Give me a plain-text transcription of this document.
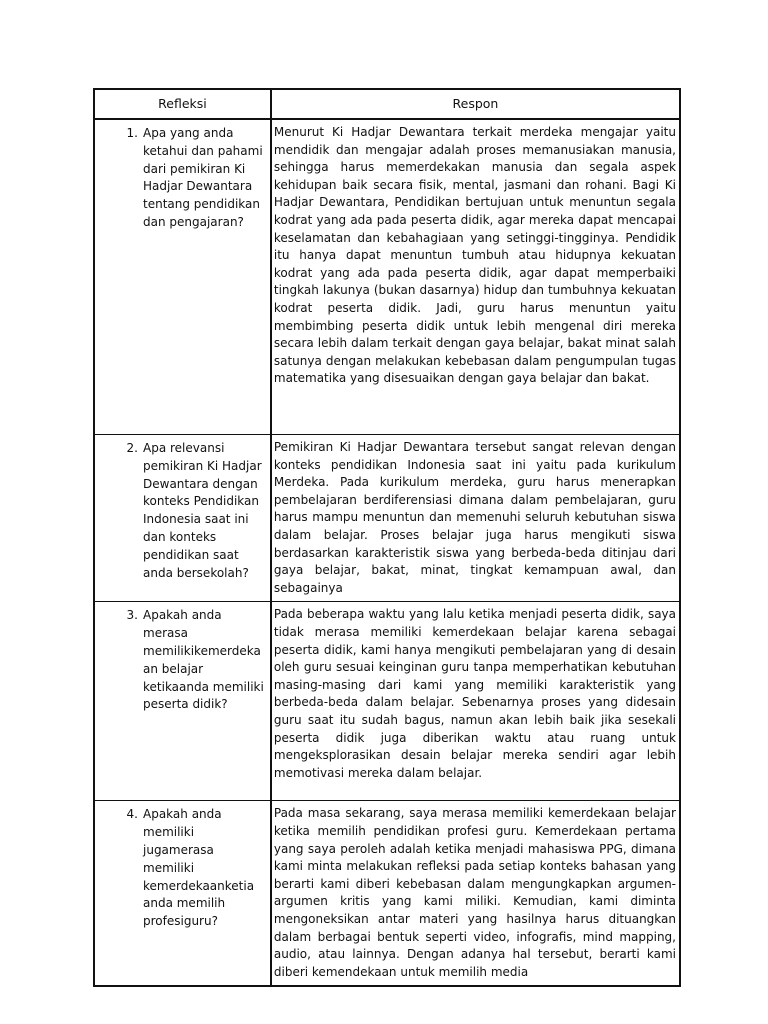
Refleksi	Respon

1. Apa yang anda ketahui dan pahami dari pemikiran Ki Hadjar Dewantara tentang pendidikan dan pengajaran?	Menurut Ki Hadjar Dewantara terkait merdeka mengajar yaitu mendidik dan mengajar adalah proses memanusiakan manusia, sehingga harus memerdekakan manusia dan segala aspek kehidupan baik secara fisik, mental, jasmani dan rohani. Bagi Ki Hadjar Dewantara, Pendidikan bertujuan untuk menuntun segala kodrat yang ada pada peserta didik, agar mereka dapat mencapai keselamatan dan kebahagiaan yang setinggi-tingginya. Pendidik itu hanya dapat menuntun tumbuh atau hidupnya kekuatan kodrat yang ada pada peserta didik, agar dapat memperbaiki tingkah lakunya (bukan dasarnya) hidup dan tumbuhnya kekuatan kodrat peserta didik. Jadi, guru harus menuntun yaitu membimbing peserta didik untuk lebih mengenal diri mereka secara lebih dalam terkait dengan gaya belajar, bakat minat salah satunya dengan melakukan kebebasan dalam pengumpulan tugas matematika yang disesuaikan dengan gaya belajar dan bakat.

2. Apa relevansi pemikiran Ki Hadjar Dewantara dengan konteks Pendidikan Indonesia saat ini dan konteks pendidikan saat anda bersekolah?	Pemikiran Ki Hadjar Dewantara tersebut sangat relevan dengan konteks pendidikan Indonesia saat ini yaitu pada kurikulum Merdeka. Pada kurikulum merdeka, guru harus menerapkan pembelajaran berdiferensiasi dimana dalam pembelajaran, guru harus mampu menuntun dan memenuhi seluruh kebutuhan siswa dalam belajar. Proses belajar juga harus mengikuti siswa berdasarkan karakteristik siswa yang berbeda-beda ditinjau dari gaya belajar, bakat, minat, tingkat kemampuan awal, dan sebagainya

3. Apakah anda merasa memilikikemerdekaan belajar ketikaanda memiliki peserta didik?	Pada beberapa waktu yang lalu ketika menjadi peserta didik, saya tidak merasa memiliki kemerdekaan belajar karena sebagai peserta didik, kami hanya mengikuti pembelajaran yang di desain oleh guru sesuai keinginan guru tanpa memperhatikan kebutuhan masing-masing dari kami yang memiliki karakteristik yang berbeda-beda dalam belajar. Sebenarnya proses yang didesain guru saat itu sudah bagus, namun akan lebih baik jika sesekali peserta didik juga diberikan waktu atau ruang untuk mengeksplorasikan desain belajar mereka sendiri agar lebih memotivasi mereka dalam belajar.

4. Apakah anda memiliki jugamerasa memiliki kemerdekaanketia anda memilih profesiguru?	Pada masa sekarang, saya merasa memiliki kemerdekaan belajar ketika memilih pendidikan profesi guru. Kemerdekaan pertama yang saya peroleh adalah ketika menjadi mahasiswa PPG, dimana kami minta melakukan refleksi pada setiap konteks bahasan yang berarti kami diberi kebebasan dalam mengungkapkan argumen-argumen kritis yang kami miliki. Kemudian, kami diminta mengoneksikan antar materi yang hasilnya harus dituangkan dalam berbagai bentuk seperti video, infografis, mind mapping, audio, atau lainnya. Dengan adanya hal tersebut, berarti kami diberi kemendekaan untuk memilih media
